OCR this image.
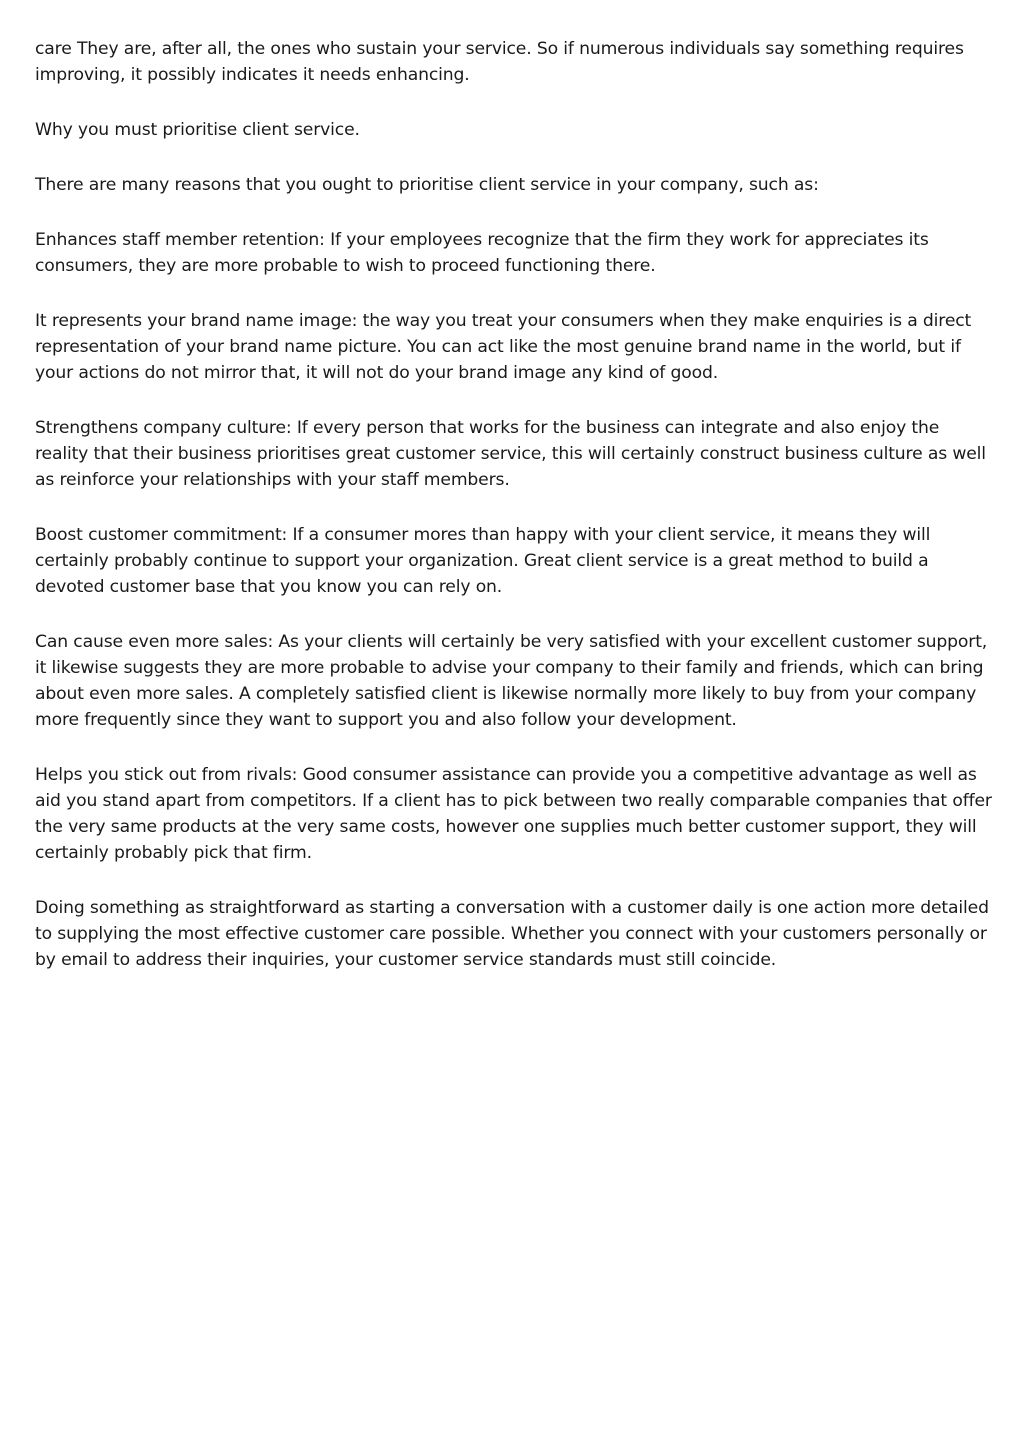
care They are, after all, the ones who sustain your service. So if numerous individuals say something requires improving, it possibly indicates it needs enhancing.

Why you must prioritise client service.

There are many reasons that you ought to prioritise client service in your company, such as:

Enhances staff member retention: If your employees recognize that the firm they work for appreciates its consumers, they are more probable to wish to proceed functioning there.

It represents your brand name image: the way you treat your consumers when they make enquiries is a direct representation of your brand name picture. You can act like the most genuine brand name in the world, but if your actions do not mirror that, it will not do your brand image any kind of good.

Strengthens company culture: If every person that works for the business can integrate and also enjoy the reality that their business prioritises great customer service, this will certainly construct business culture as well as reinforce your relationships with your staff members.

Boost customer commitment: If a consumer mores than happy with your client service, it means they will certainly probably continue to support your organization. Great client service is a great method to build a devoted customer base that you know you can rely on.

Can cause even more sales: As your clients will certainly be very satisfied with your excellent customer support, it likewise suggests they are more probable to advise your company to their family and friends, which can bring about even more sales. A completely satisfied client is likewise normally more likely to buy from your company more frequently since they want to support you and also follow your development.

Helps you stick out from rivals: Good consumer assistance can provide you a competitive advantage as well as aid you stand apart from competitors. If a client has to pick between two really comparable companies that offer the very same products at the very same costs, however one supplies much better customer support, they will certainly probably pick that firm.

Doing something as straightforward as starting a conversation with a customer daily is one action more detailed to supplying the most effective customer care possible. Whether you connect with your customers personally or by email to address their inquiries, your customer service standards must still coincide.
